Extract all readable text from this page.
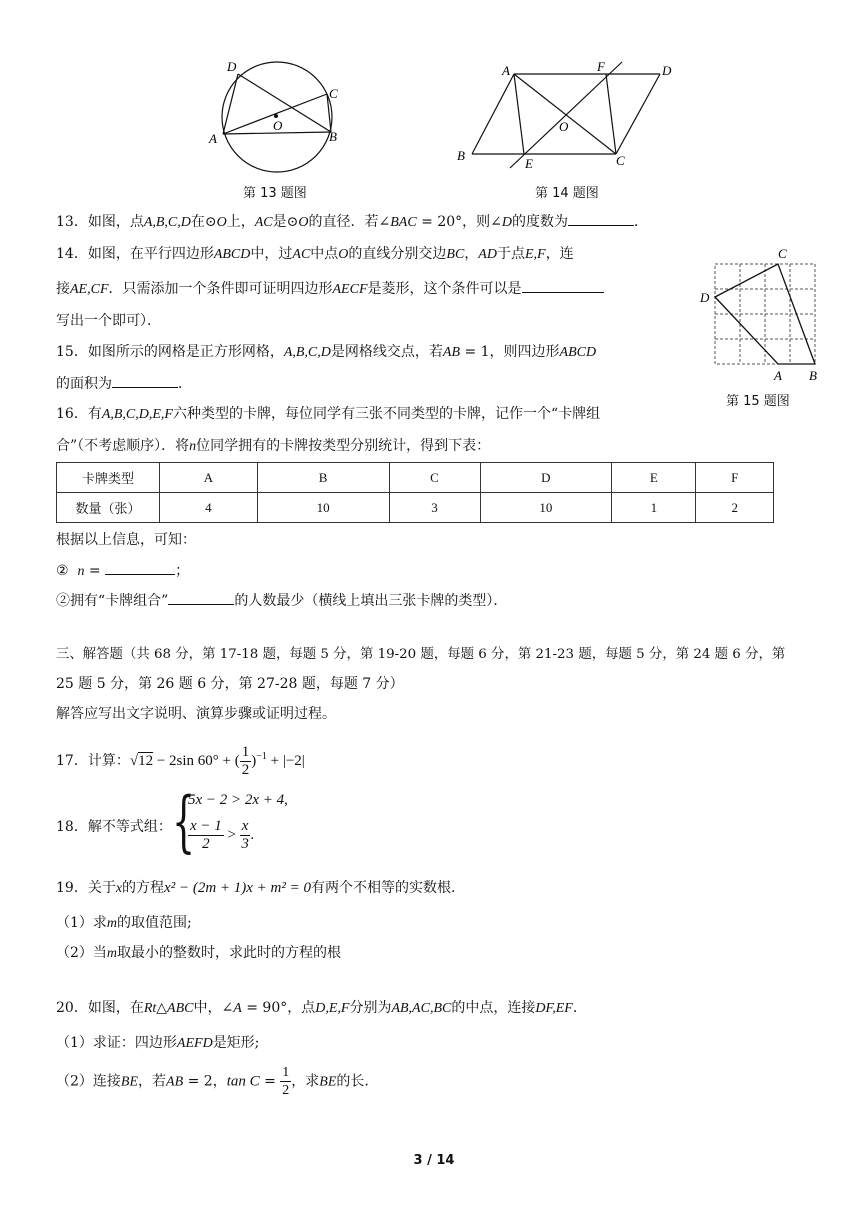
D
A
C
B
O
第 13 题图
A	F	D
O
B
E	C
第 14 题图
C
D
A B
第 15 题图
13．如图，点A,B,C,D在⊙O上，AC是⊙O的直径．若∠BAC = 20°，则∠D的度数为	．
14．如图，在平行四边形ABCD中，过AC中点O的直线分别交边BC，AD于点E,F，连
接AE,CF．只需添加一个条件即可证明四边形AECF是菱形，这个条件可以是
写出一个即可）．
15．如图所示的网格是正方形网格，A,B,C,D是网格线交点，若AB = 1，则四边形ABCD
的面积为	．
16．有A,B,C,D,E,F六种类型的卡牌，每位同学有三张不同类型的卡牌，记作一个“卡牌组
合”（不考虑顺序）．将n位同学拥有的卡牌按类型分别统计，得到下表：
卡牌类型	A	B	C	D	E	F
数量（张）	4	10	3	10	1	2
根据以上信息，可知：
② n =	；
②拥有“卡牌组合”	的人数最少（横线上填出三张卡牌的类型）．
三、解答题（共 68 分，第 17-18 题，每题 5 分，第 19-20 题，每题 6 分，第 21-23 题，每题 5 分，第 24 题 6 分，第
25 题 5 分，第 26 题 6 分，第 27-28 题，每题 7 分）
解答应写出文字说明、演算步骤或证明过程。
17．计算：√12 − 2sin 60° + ( $\frac{1}{2} )^{-1} + |-2|$
18．解不等式组： {
5x − 2 > 2x + 4,
$\frac{x - 1}{2} > \frac{x}{3}$ .
19．关于x的方程x² − (2m + 1)x + m² = 0有两个不相等的实数根.
（1）求m的取值范围;
（2）当m取最小的整数时，求此时的方程的根
20．如图，在Rt△ABC中，∠A = 90°，点D,E,F分别为AB,AC,BC的中点，连接DF,EF．
（1）求证：四边形AEFD是矩形;
（2）连接BE，若AB = 2，$\tan C = \frac{1}{2}$ ，求BE的长.
3 / 14
